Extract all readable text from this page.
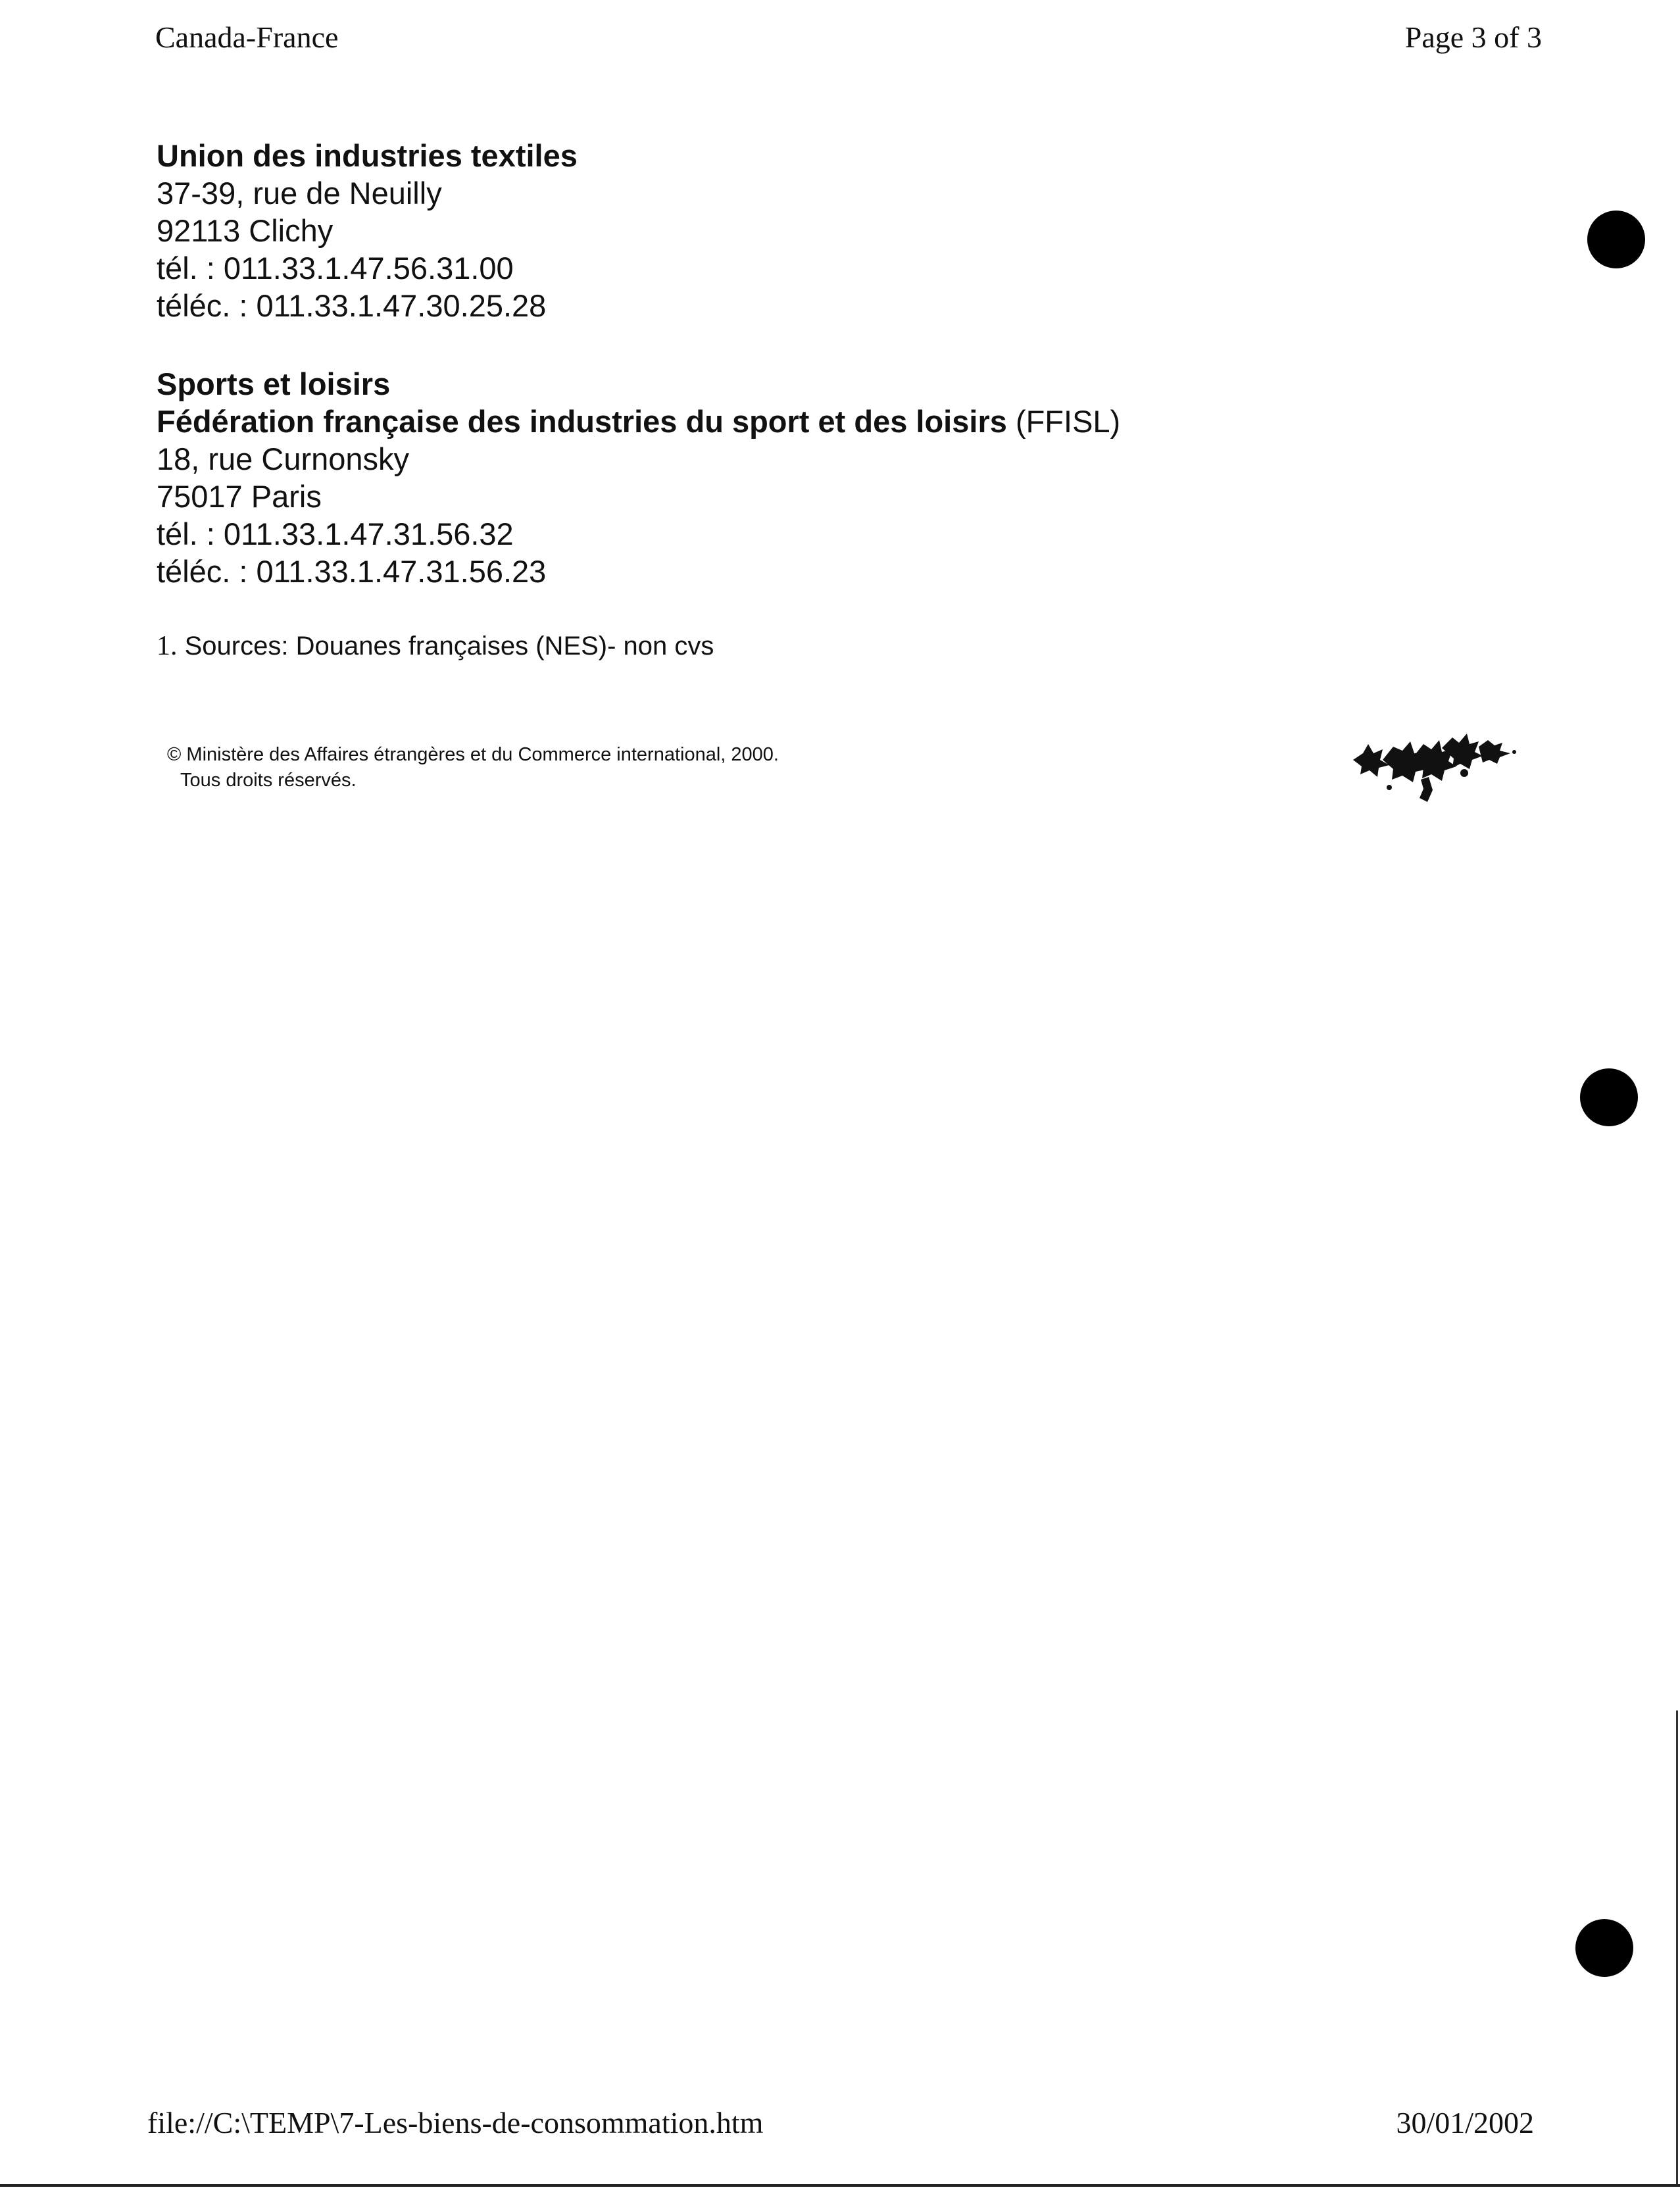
Canada-France	Page 3 of 3
Union des industries textiles
37-39, rue de Neuilly
92113 Clichy
tél. : 011.33.1.47.56.31.00
téléc. : 011.33.1.47.30.25.28
Sports et loisirs
Fédération française des industries du sport et des loisirs (FFISL)
18, rue Curnonsky
75017 Paris
tél. : 011.33.1.47.31.56.32
téléc. : 011.33.1.47.31.56.23
1. Sources: Douanes françaises (NES)- non cvs
© Ministère des Affaires étrangères et du Commerce international, 2000.
Tous droits réservés.
file://C:\TEMP\7-Les-biens-de-consommation.htm	30/01/2002
